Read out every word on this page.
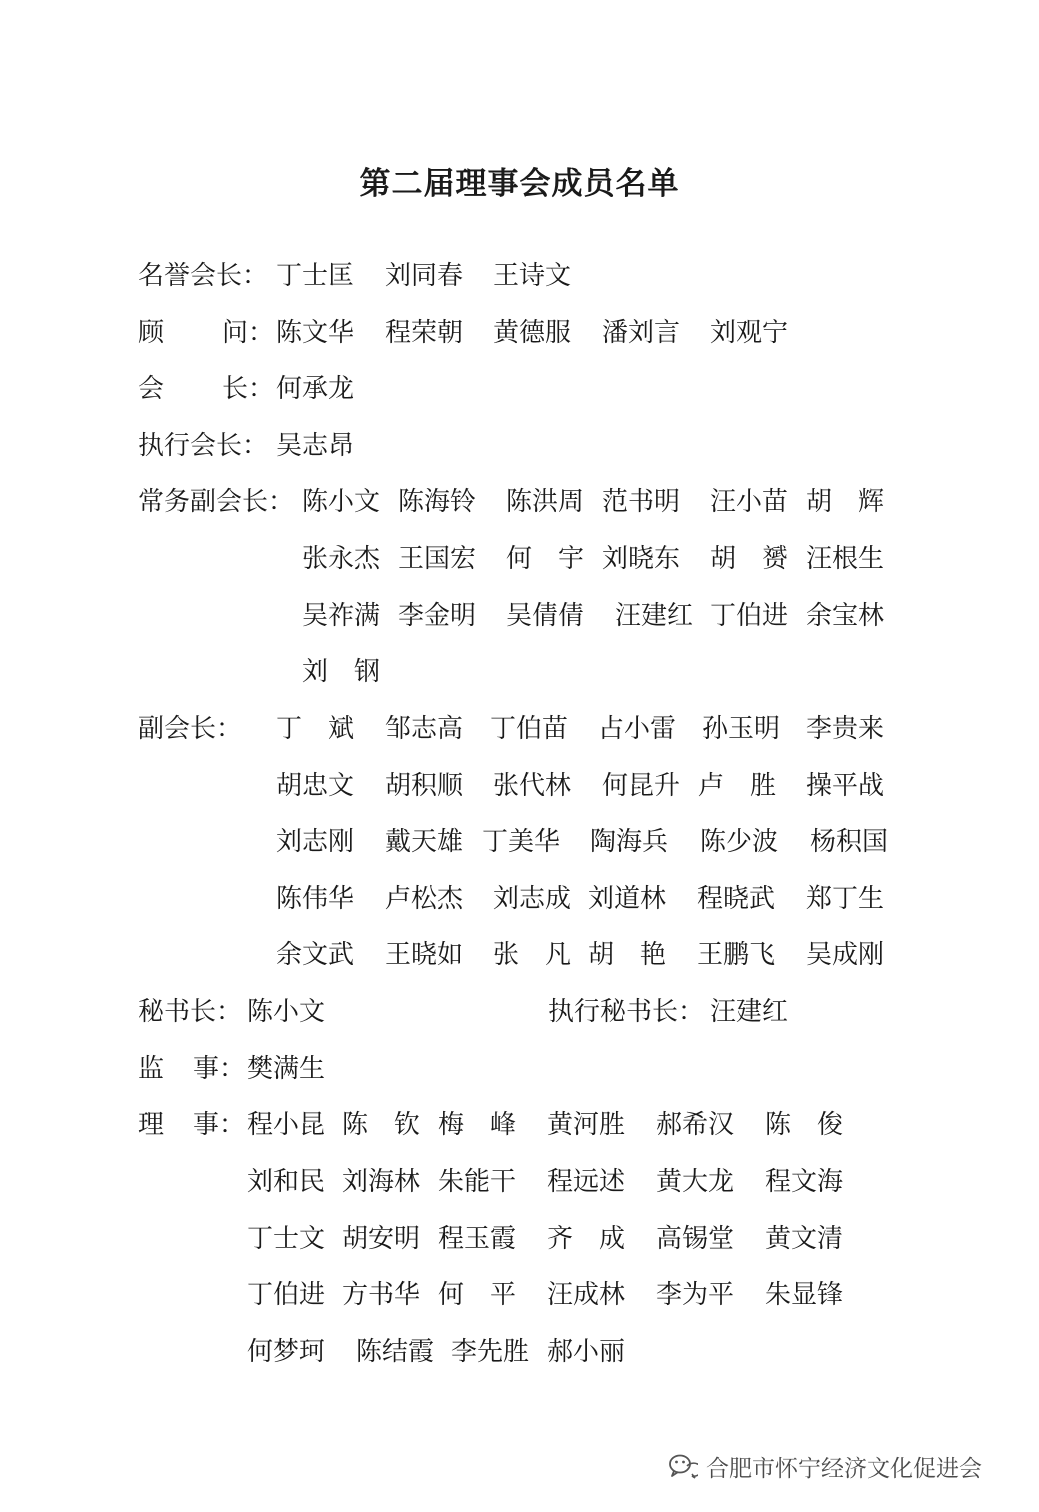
第二届理事会成员名单
名誉会长： 丁士匡 刘同春 王诗文
顾 问： 陈文华 程荣朝 黄德服 潘刘言 刘观宁
会 长： 何承龙
执行会长： 吴志昂
常务副会长： 陈小文 陈海铃 陈洪周 范书明 汪小苗 胡　辉
张永杰 王国宏 何　宇 刘晓东 胡　赟 汪根生
吴祚满 李金明 吴倩倩 汪建红 丁伯进 余宝林
刘　钢
副会长： 丁　斌 邹志高 丁伯苗 占小雷 孙玉明 李贵来
胡忠文 胡积顺 张代林 何昆升 卢　胜 操平战
刘志刚 戴天雄 丁美华 陶海兵 陈少波 杨积国
陈伟华 卢松杰 刘志成 刘道林 程晓武 郑丁生
余文武 王晓如 张　凡 胡　艳 王鹏飞 吴成刚
秘书长： 陈小文	执行秘书长： 汪建红
监 事： 樊满生
理 事： 程小昆 陈　钦 梅　峰 黄河胜 郝希汉 陈　俊
刘和民 刘海林 朱能干 程远述 黄大龙 程文海
丁士文 胡安明 程玉霞 齐　成 高锡堂 黄文清
丁伯进 方书华 何　平 汪成林 李为平 朱显锋
何梦珂 陈结霞 李先胜 郝小丽
合肥市怀宁经济文化促进会
